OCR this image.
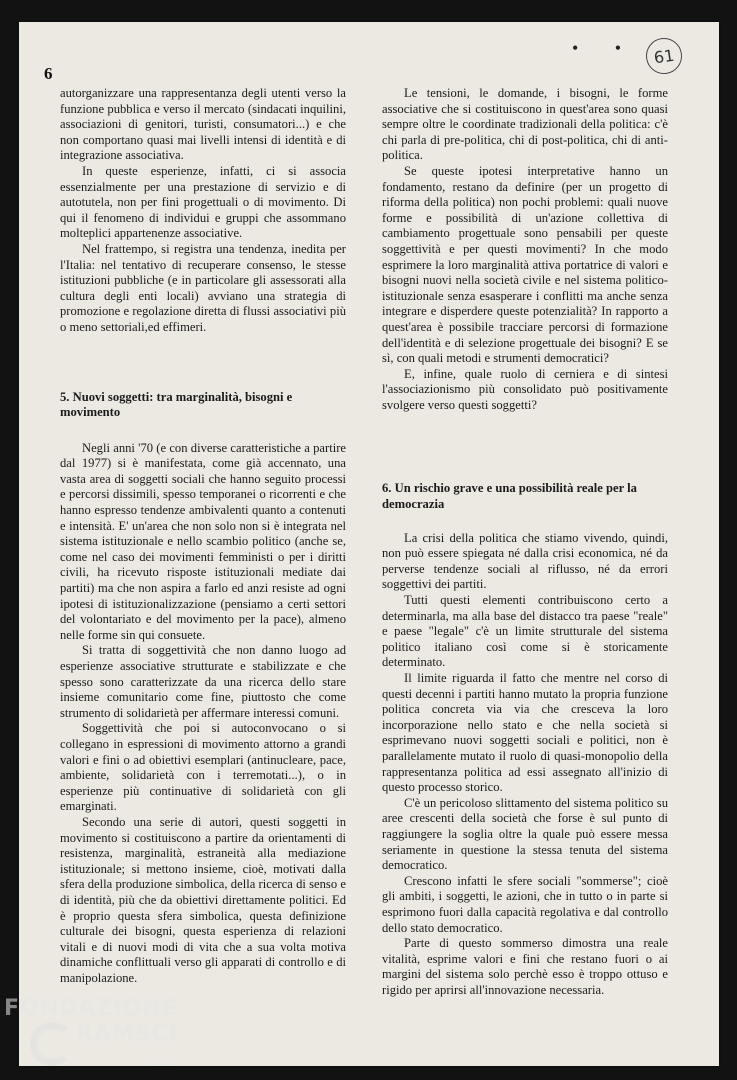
6
• • 61

autorganizzare una rappresentanza degli utenti verso la funzione pubblica e verso il mercato (sindacati inquilini, associazioni di genitori, turisti, consumatori...) e che non comportano quasi mai livelli intensi di identità e di integrazione associativa.

In queste esperienze, infatti, ci si associa essenzialmente per una prestazione di servizio e di autotutela, non per fini progettuali o di movimento. Di qui il fenomeno di individui e gruppi che assommano molteplici appartenenze associative.

Nel frattempo, si registra una tendenza, inedita per l'Italia: nel tentativo di recuperare consenso, le stesse istituzioni pubbliche (e in particolare gli assessorati alla cultura degli enti locali) avviano una strategia di promozione e regolazione diretta di flussi associativi più o meno settoriali,ed effimeri.

5. Nuovi soggetti: tra marginalità, bisogni e movimento

Negli anni '70 (e con diverse caratteristiche a partire dal 1977) si è manifestata, come già accennato, una vasta area di soggetti sociali che hanno seguito processi e percorsi dissimili, spesso temporanei o ricorrenti e che hanno espresso tendenze ambivalenti quanto a contenuti e intensità. E' un'area che non solo non si è integrata nel sistema istituzionale e nello scambio politico (anche se, come nel caso dei movimenti femministi o per i diritti civili, ha ricevuto risposte istituzionali mediate dai partiti) ma che non aspira a farlo ed anzi resiste ad ogni ipotesi di istituzionalizzazione (pensiamo a certi settori del volontariato e del movimento per la pace), almeno nelle forme sin qui consuete.

Si tratta di soggettività che non danno luogo ad esperienze associative strutturate e stabilizzate e che spesso sono caratterizzate da una ricerca dello stare insieme comunitario come fine, piuttosto che come strumento di solidarietà per affermare interessi comuni.

Soggettività che poi si autoconvocano o si collegano in espressioni di movimento attorno a grandi valori e fini o ad obiettivi esemplari (antinucleare, pace, ambiente, solidarietà con i terremotati...), o in esperienze più continuative di solidarietà con gli emarginati.

Secondo una serie di autori, questi soggetti in movimento si costituiscono a partire da orientamenti di resistenza, marginalità, estraneità alla mediazione istituzionale; si mettono insieme, cioè, motivati dalla sfera della produzione simbolica, della ricerca di senso e di identità, più che da obiettivi direttamente politici. Ed è proprio questa sfera simbolica, questa definizione culturale dei bisogni, questa esperienza di relazioni vitali e di nuovi modi di vita che a sua volta motiva dinamiche conflittuali verso gli apparati di controllo e di manipolazione.

Le tensioni, le domande, i bisogni, le forme associative che si costituiscono in quest'area sono quasi sempre oltre le coordinate tradizionali della politica: c'è chi parla di pre-politica, chi di post-politica, chi di anti-politica.

Se queste ipotesi interpretative hanno un fondamento, restano da definire (per un progetto di riforma della politica) non pochi problemi: quali nuove forme e possibilità di un'azione collettiva di cambiamento progettuale sono pensabili per queste soggettività e per questi movimenti? In che modo esprimere la loro marginalità attiva portatrice di valori e bisogni nuovi nella società civile e nel sistema politico-istituzionale senza esasperare i conflitti ma anche senza integrare e disperdere queste potenzialità? In rapporto a quest'area è possibile tracciare percorsi di formazione dell'identità e di selezione progettuale dei bisogni? E se sì, con quali metodi e strumenti democratici?

E, infine, quale ruolo di cerniera e di sintesi l'associazionismo più consolidato può positivamente svolgere verso questi soggetti?

6. Un rischio grave e una possibilità reale per la democrazia

La crisi della politica che stiamo vivendo, quindi, non può essere spiegata né dalla crisi economica, né da perverse tendenze sociali al riflusso, né da errori soggettivi dei partiti.

Tutti questi elementi contribuiscono certo a determinarla, ma alla base del distacco tra paese "reale" e paese "legale" c'è un limite strutturale del sistema politico italiano così come si è storicamente determinato.

Il limite riguarda il fatto che mentre nel corso di questi decenni i partiti hanno mutato la propria funzione politica concreta via via che cresceva la loro incorporazione nello stato e che nella società si esprimevano nuovi soggetti sociali e politici, non è parallelamente mutato il ruolo di quasi-monopolio della rappresentanza politica ad essi assegnato all'inizio di questo processo storico.

C'è un pericoloso slittamento del sistema politico su aree crescenti della società che forse è sul punto di raggiungere la soglia oltre la quale può essere messa seriamente in questione la stessa tenuta del sistema democratico.

Crescono infatti le sfere sociali "sommerse"; cioè gli ambiti, i soggetti, le azioni, che in tutto o in parte si esprimono fuori dalla capacità regolativa e dal controllo dello stato democratico.

Parte di questo sommerso dimostra una reale vitalità, esprime valori e fini che restano fuori o ai margini del sistema solo perchè esso è troppo ottuso e rigido per aprirsi all'innovazione necessaria.

FONDAZIONE
RAMSCI
onlus
